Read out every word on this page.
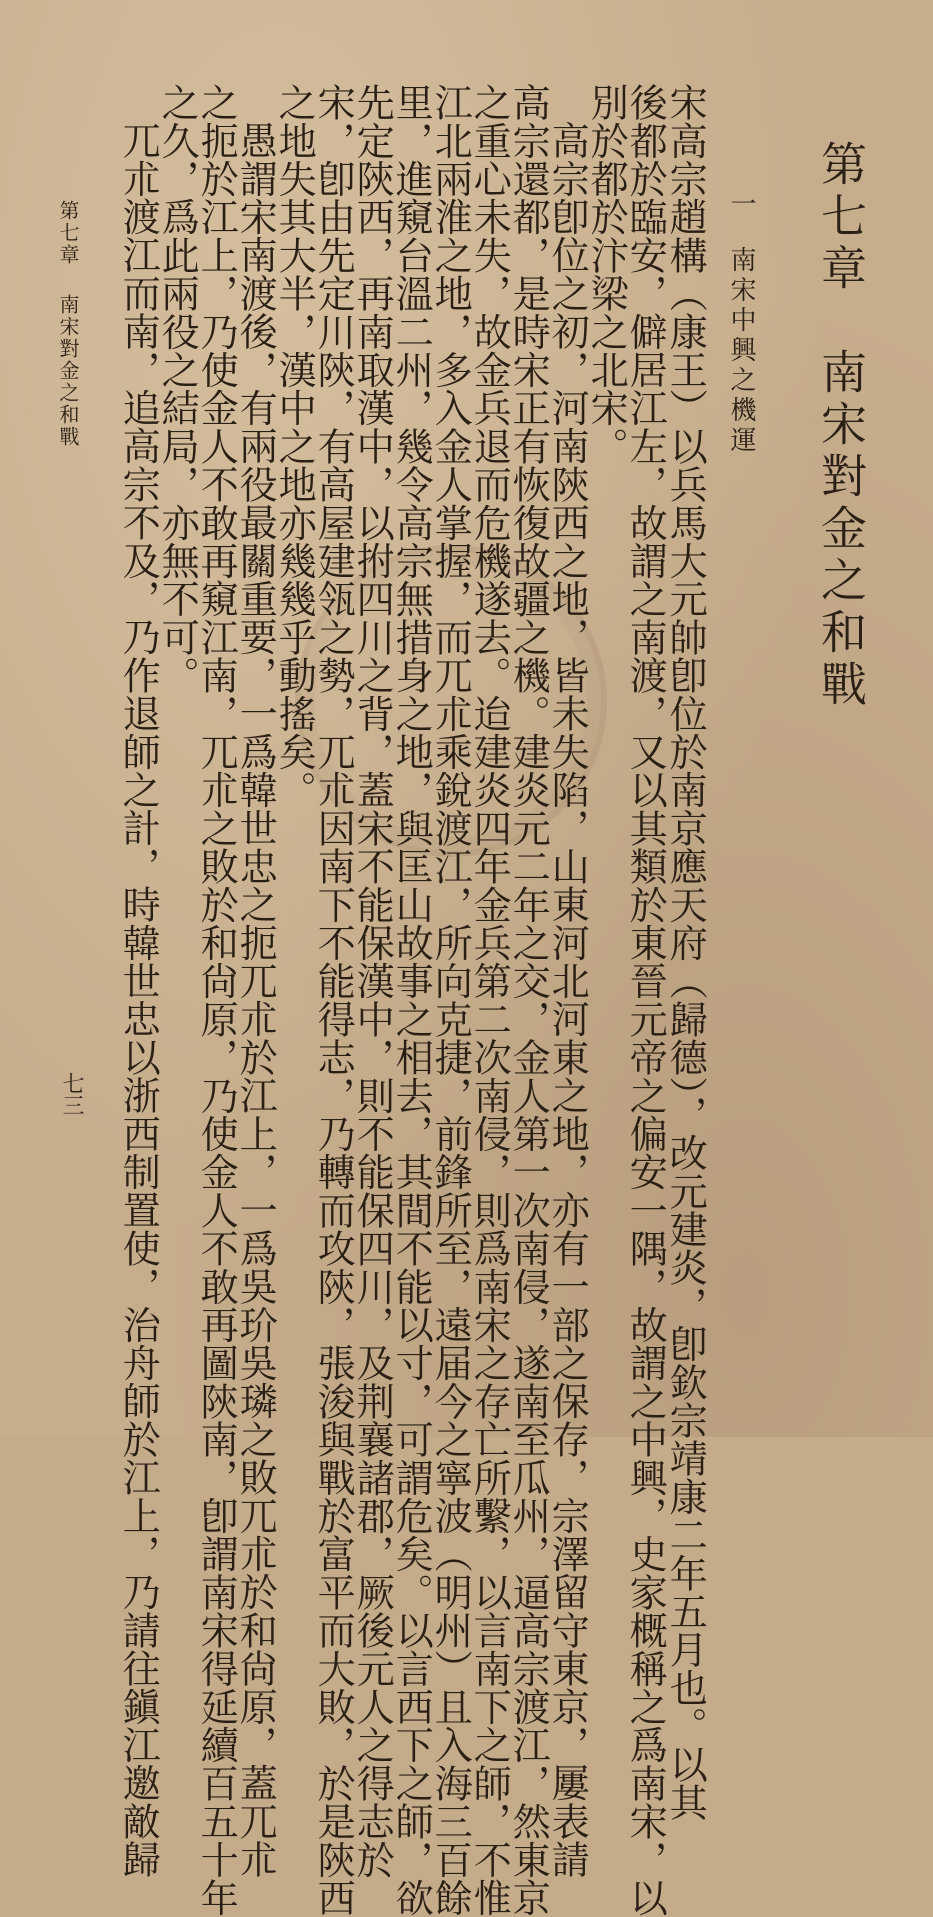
第七章　南宋對金之和戰
一南宋中興之機運
宋高宗趙構（康王）以兵馬大元帥卽位於南京應天府（歸德），改元建炎，卽欽宗靖康二年五月也。以其
後都於臨安，僻居江左，故謂之南渡，又以其類於東晉元帝之偏安一隅，故謂之中興，史家概稱之爲南宋，以
別於都於汴梁之北宋。
高宗卽位之初，河南陝西之地，皆未失陷，山東河北河東之地，亦有一部之保存，宗澤留守東京，屢表請
高宗還都，是時宋正有恢復故疆之機。建炎元二年之交，金人第一次南侵，遂南至瓜州，逼高宗渡江，然東京
之重心未失，故金兵退而危機遂去。迨建炎四年金兵第二次南侵，則爲南宋之存亡所繫，以言南下之師，不惟
江北兩淮之地，多入金人掌握，而兀朮乘銳渡江，所向克捷，前鋒所至，遠届今之寧波（明州）且入海三百餘
里，進窺台溫二州，幾令高宗無措身之地，與匡山故事之相去，其間不能以寸，可謂危矣。以言西下之師，欲
先定陝西，再南取漢中，以拊四川之背，蓋宋不能保漢中，則不能保四川，及荆襄諸郡，厥後元人之得志於
宋，卽由先定川陝，有高屋建瓴之勢，兀朮因南下不能得志，乃轉而攻陝，張浚與戰於富平而大敗，於是陝西
之地失其大半，漢中之地亦幾幾乎動搖矣。
愚謂宋南渡後，有兩役最關重要，一爲韓世忠之扼兀朮於江上，一爲吳玠吳璘之敗兀朮於和尙原，蓋兀朮
之扼於江上，乃使金人不敢再窺江南，兀朮之敗於和尙原，乃使金人不敢再圖陝南，卽謂南宋得延續百五十年
之久，爲此兩役之結局，亦無不可。
兀朮渡江而南，追高宗不及，乃作退師之計，時韓世忠以浙西制置使，治舟師於江上，乃請往鎭江邀敵歸
第七章南宋對金之和戰
七三
